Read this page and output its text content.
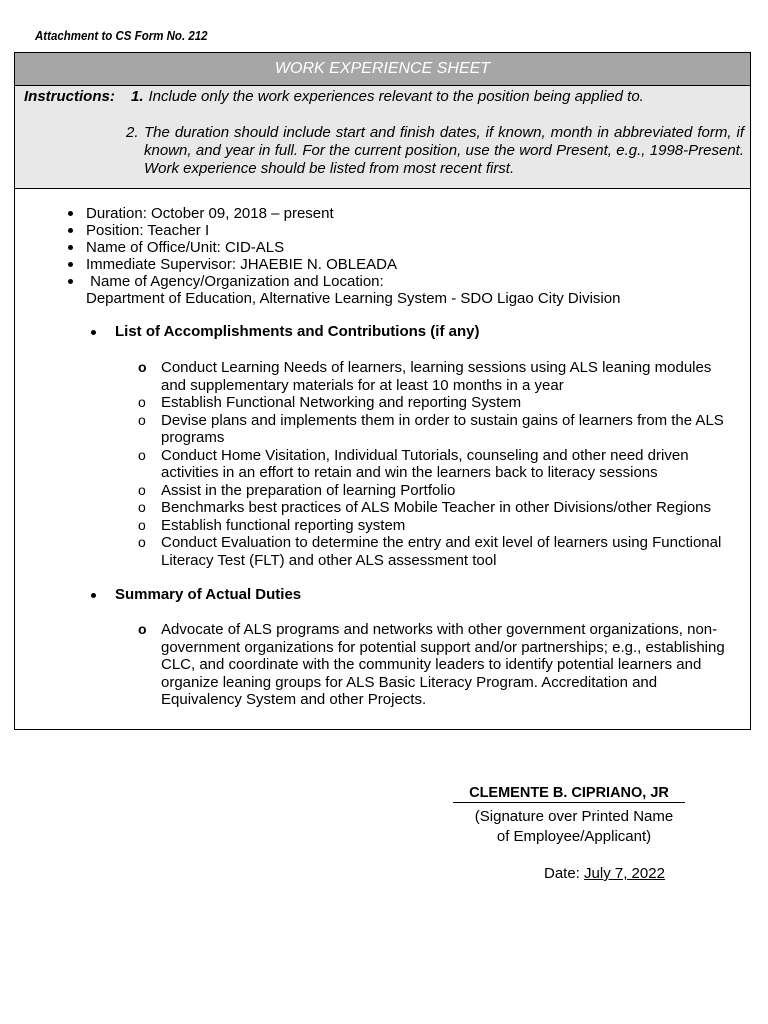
Attachment to CS Form No. 212
WORK EXPERIENCE SHEET
Instructions: 1. Include only the work experiences relevant to the position being applied to.
2. The duration should include start and finish dates, if known, month in abbreviated form, if known, and year in full. For the current position, use the word Present, e.g., 1998-Present. Work experience should be listed from most recent first.
Duration: October 09, 2018 – present
Position: Teacher I
Name of Office/Unit: CID-ALS
Immediate Supervisor: JHAEBIE N. OBLEADA
Name of Agency/Organization and Location:
Department of Education, Alternative Learning System - SDO Ligao City Division
List of Accomplishments and Contributions (if any)
o Conduct Learning Needs of learners, learning sessions using ALS leaning modules and supplementary materials for at least 10 months in a year
o Establish Functional Networking and reporting System
o Devise plans and implements them in order to sustain gains of learners from the ALS programs
o Conduct Home Visitation, Individual Tutorials, counseling and other need driven activities in an effort to retain and win the learners back to literacy sessions
o Assist in the preparation of learning Portfolio
o Benchmarks best practices of ALS Mobile Teacher in other Divisions/other Regions
o Establish functional reporting system
o Conduct Evaluation to determine the entry and exit level of learners using Functional Literacy Test (FLT) and other ALS assessment tool
Summary of Actual Duties
o Advocate of ALS programs and networks with other government organizations, non-government organizations for potential support and/or partnerships; e.g., establishing CLC, and coordinate with the community leaders to identify potential learners and organize leaning groups for ALS Basic Literacy Program. Accreditation and Equivalency System and other Projects.
CLEMENTE B. CIPRIANO, JR
(Signature over Printed Name
of Employee/Applicant)
Date: July 7, 2022
